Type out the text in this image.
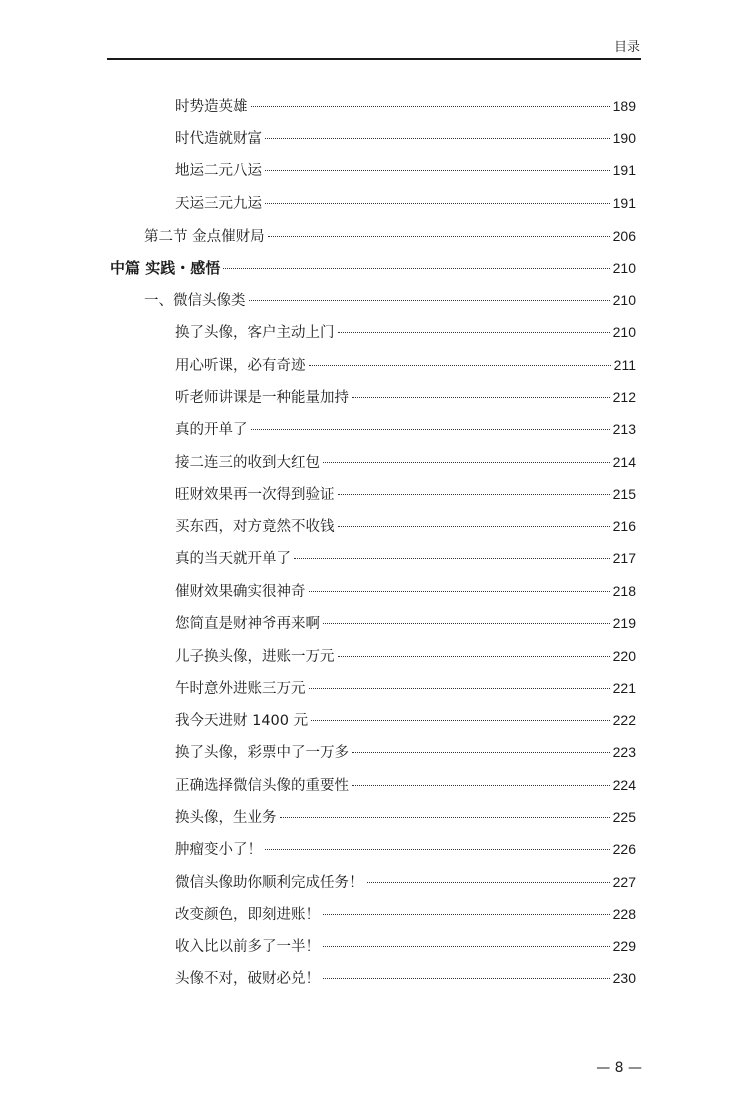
目录
时势造英雄	189
时代造就财富	190
地运二元八运	191
天运三元九运	191
第二节 金点催财局	206
中篇 实践・感悟	210
一、微信头像类	210
换了头像，客户主动上门	210
用心听课，必有奇迹	211
听老师讲课是一种能量加持	212
真的开单了	213
接二连三的收到大红包	214
旺财效果再一次得到验证	215
买东西，对方竟然不收钱	216
真的当天就开单了	217
催财效果确实很神奇	218
您简直是财神爷再来啊	219
儿子换头像，进账一万元	220
午时意外进账三万元	221
我今天进财 1400 元	222
换了头像，彩票中了一万多	223
正确选择微信头像的重要性	224
换头像，生业务	225
肿瘤变小了！	226
微信头像助你顺利完成任务！	227
改变颜色，即刻进账！	228
收入比以前多了一半！	229
头像不对，破财必兑！	230
— 8 —
